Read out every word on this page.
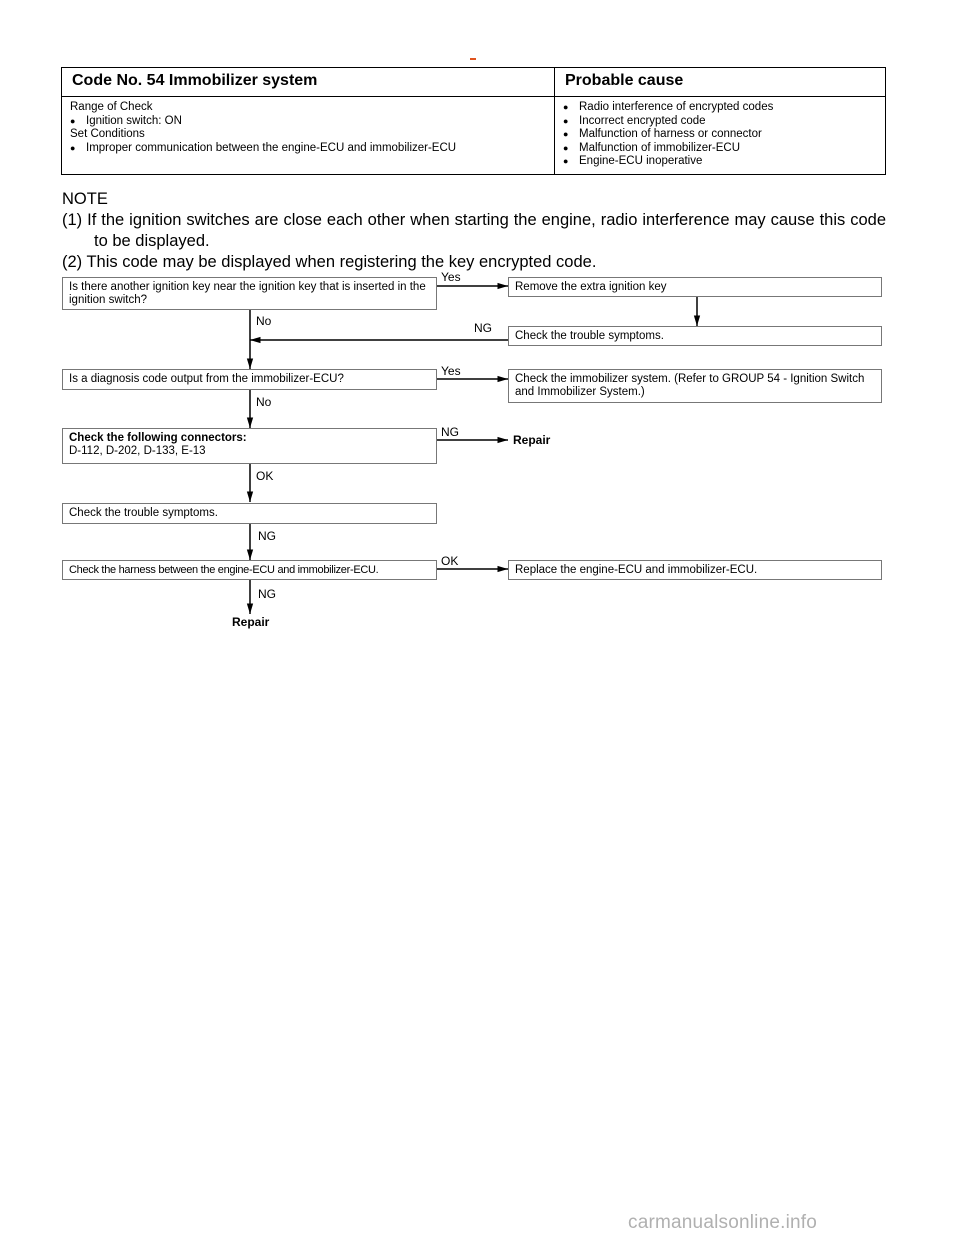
Code No. 54 Immobilizer system	Probable cause

Range of Check
● Ignition switch: ON
Set Conditions
● Improper communication between the engine-ECU and immobilizer-ECU	● Radio interference of encrypted codes
● Incorrect encrypted code
● Malfunction of harness or connector
● Malfunction of immobilizer-ECU
● Engine-ECU inoperative
NOTE
(1) If the ignition switches are close each other when starting the engine, radio interference may cause this code to be displayed.
(2) This code may be displayed when registering the key encrypted code.
Is there another ignition key near the ignition key that is inserted in the ignition switch?
Yes
Remove the extra ignition key
No	NG
Check the trouble symptoms.
Is a diagnosis code output from the immobilizer-ECU?
Yes
Check the immobilizer system. (Refer to GROUP 54 - Ignition Switch and Immobilizer System.)
No
Check the following connectors:
D-112, D-202, D-133, E-13
NG
Repair
OK
Check the trouble symptoms.
NG
Check the harness between the engine-ECU and immobilizer-ECU.
OK
Replace the engine-ECU and immobilizer-ECU.
NG
Repair
carmanualsonline.info
